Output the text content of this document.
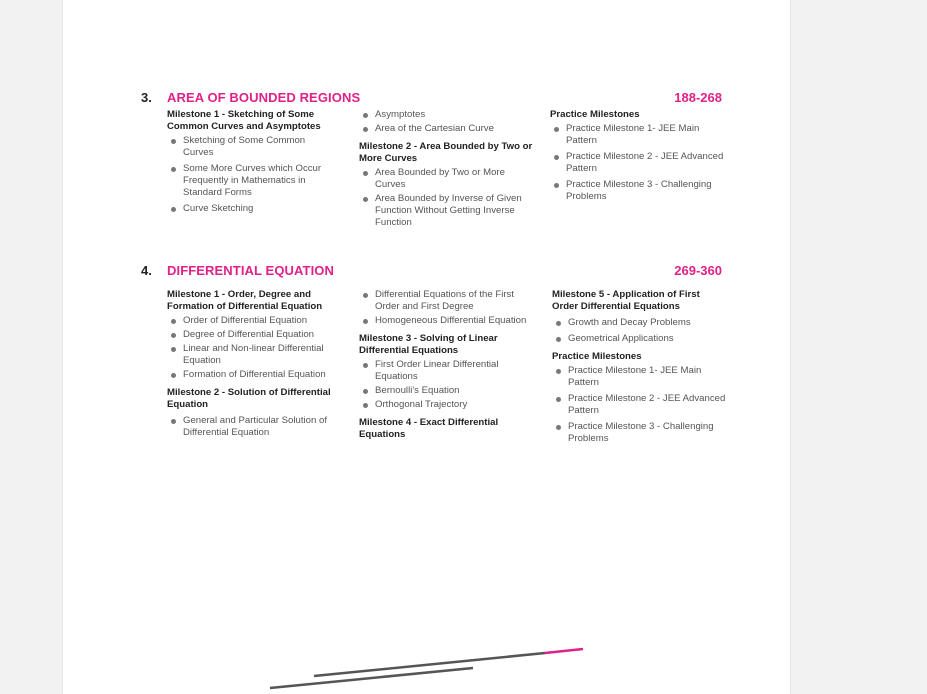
3. AREA OF BOUNDED REGIONS	188-268
Milestone 1 - Sketching of Some Common Curves and Asymptotes
Sketching of Some Common Curves
Some More Curves which Occur Frequently in Mathematics in Standard Forms
Curve Sketching
Asymptotes
Area of the Cartesian Curve
Milestone 2 - Area Bounded by Two or More Curves
Area Bounded by Two or More Curves
Area Bounded by Inverse of Given Function Without Getting Inverse Function
Practice Milestones
Practice Milestone 1- JEE Main Pattern
Practice Milestone 2 - JEE Advanced Pattern
Practice Milestone 3 - Challenging Problems
4. DIFFERENTIAL EQUATION	269-360
Milestone 1 - Order, Degree and Formation of Differential Equation
Order of Differential Equation
Degree of Differential Equation
Linear and Non-linear Differential Equation
Formation of Differential Equation
Milestone 2 - Solution of Differential Equation
General and Particular Solution of Differential Equation
Differential Equations of the First Order and First Degree
Homogeneous Differential Equation
Milestone 3 - Solving of Linear Differential Equations
First Order Linear Differential Equations
Bernoulli's Equation
Orthogonal Trajectory
Milestone 4 - Exact Differential Equations
Milestone 5 - Application of First Order Differential Equations
Growth and Decay Problems
Geometrical Applications
Practice Milestones
Practice Milestone 1- JEE Main Pattern
Practice Milestone 2 - JEE Advanced Pattern
Practice Milestone 3 - Challenging Problems
